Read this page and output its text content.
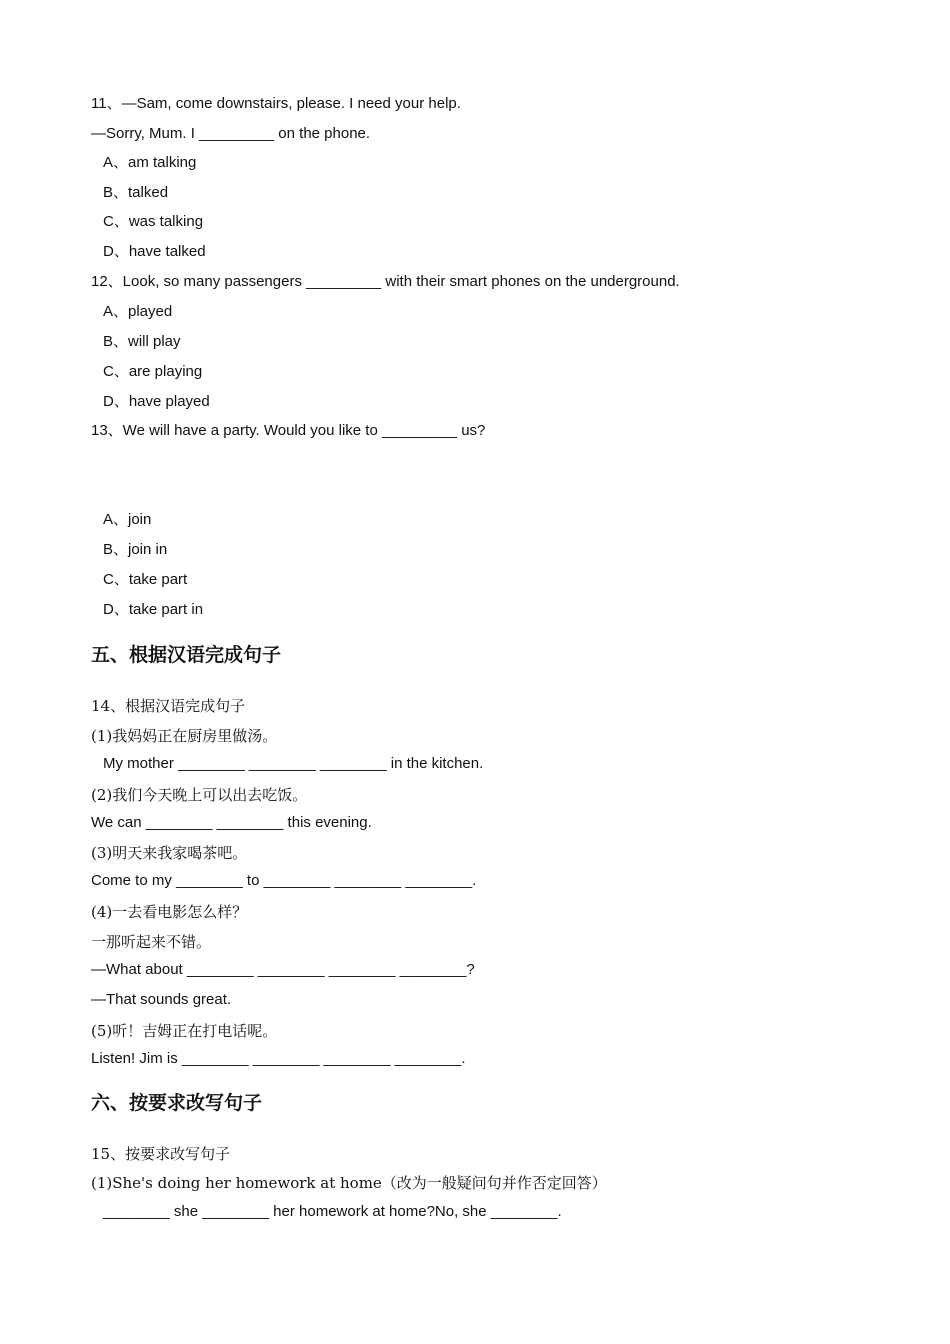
11、—Sam, come downstairs, please. I need your help.
—Sorry, Mum. I _________ on the phone.
A、am talking
B、talked
C、was talking
D、have talked
12、Look, so many passengers _________ with their smart phones on the underground.
A、played
B、will play
C、are playing
D、have played
13、We will have a party. Would you like to _________ us?
A、join
B、join in
C、take part
D、take part in
五、根据汉语完成句子
14、根据汉语完成句子
(1)我妈妈正在厨房里做汤。
My mother ________ ________ ________ in the kitchen.
(2)我们今天晚上可以出去吃饭。
We can ________ ________ this evening.
(3)明天来我家喝茶吧。
Come to my ________ to ________ ________ ________.
(4)一去看电影怎么样？
一那听起来不错。
—What about ________ ________ ________ ________?
—That sounds great.
(5)听！吉姆正在打电话呢。
Listen! Jim is ________ ________ ________ ________.
六、按要求改写句子
15、按要求改写句子
(1)She's doing her homework at home（改为一般疑问句并作否定回答）
________ she ________ her homework at home?No, she ________.
